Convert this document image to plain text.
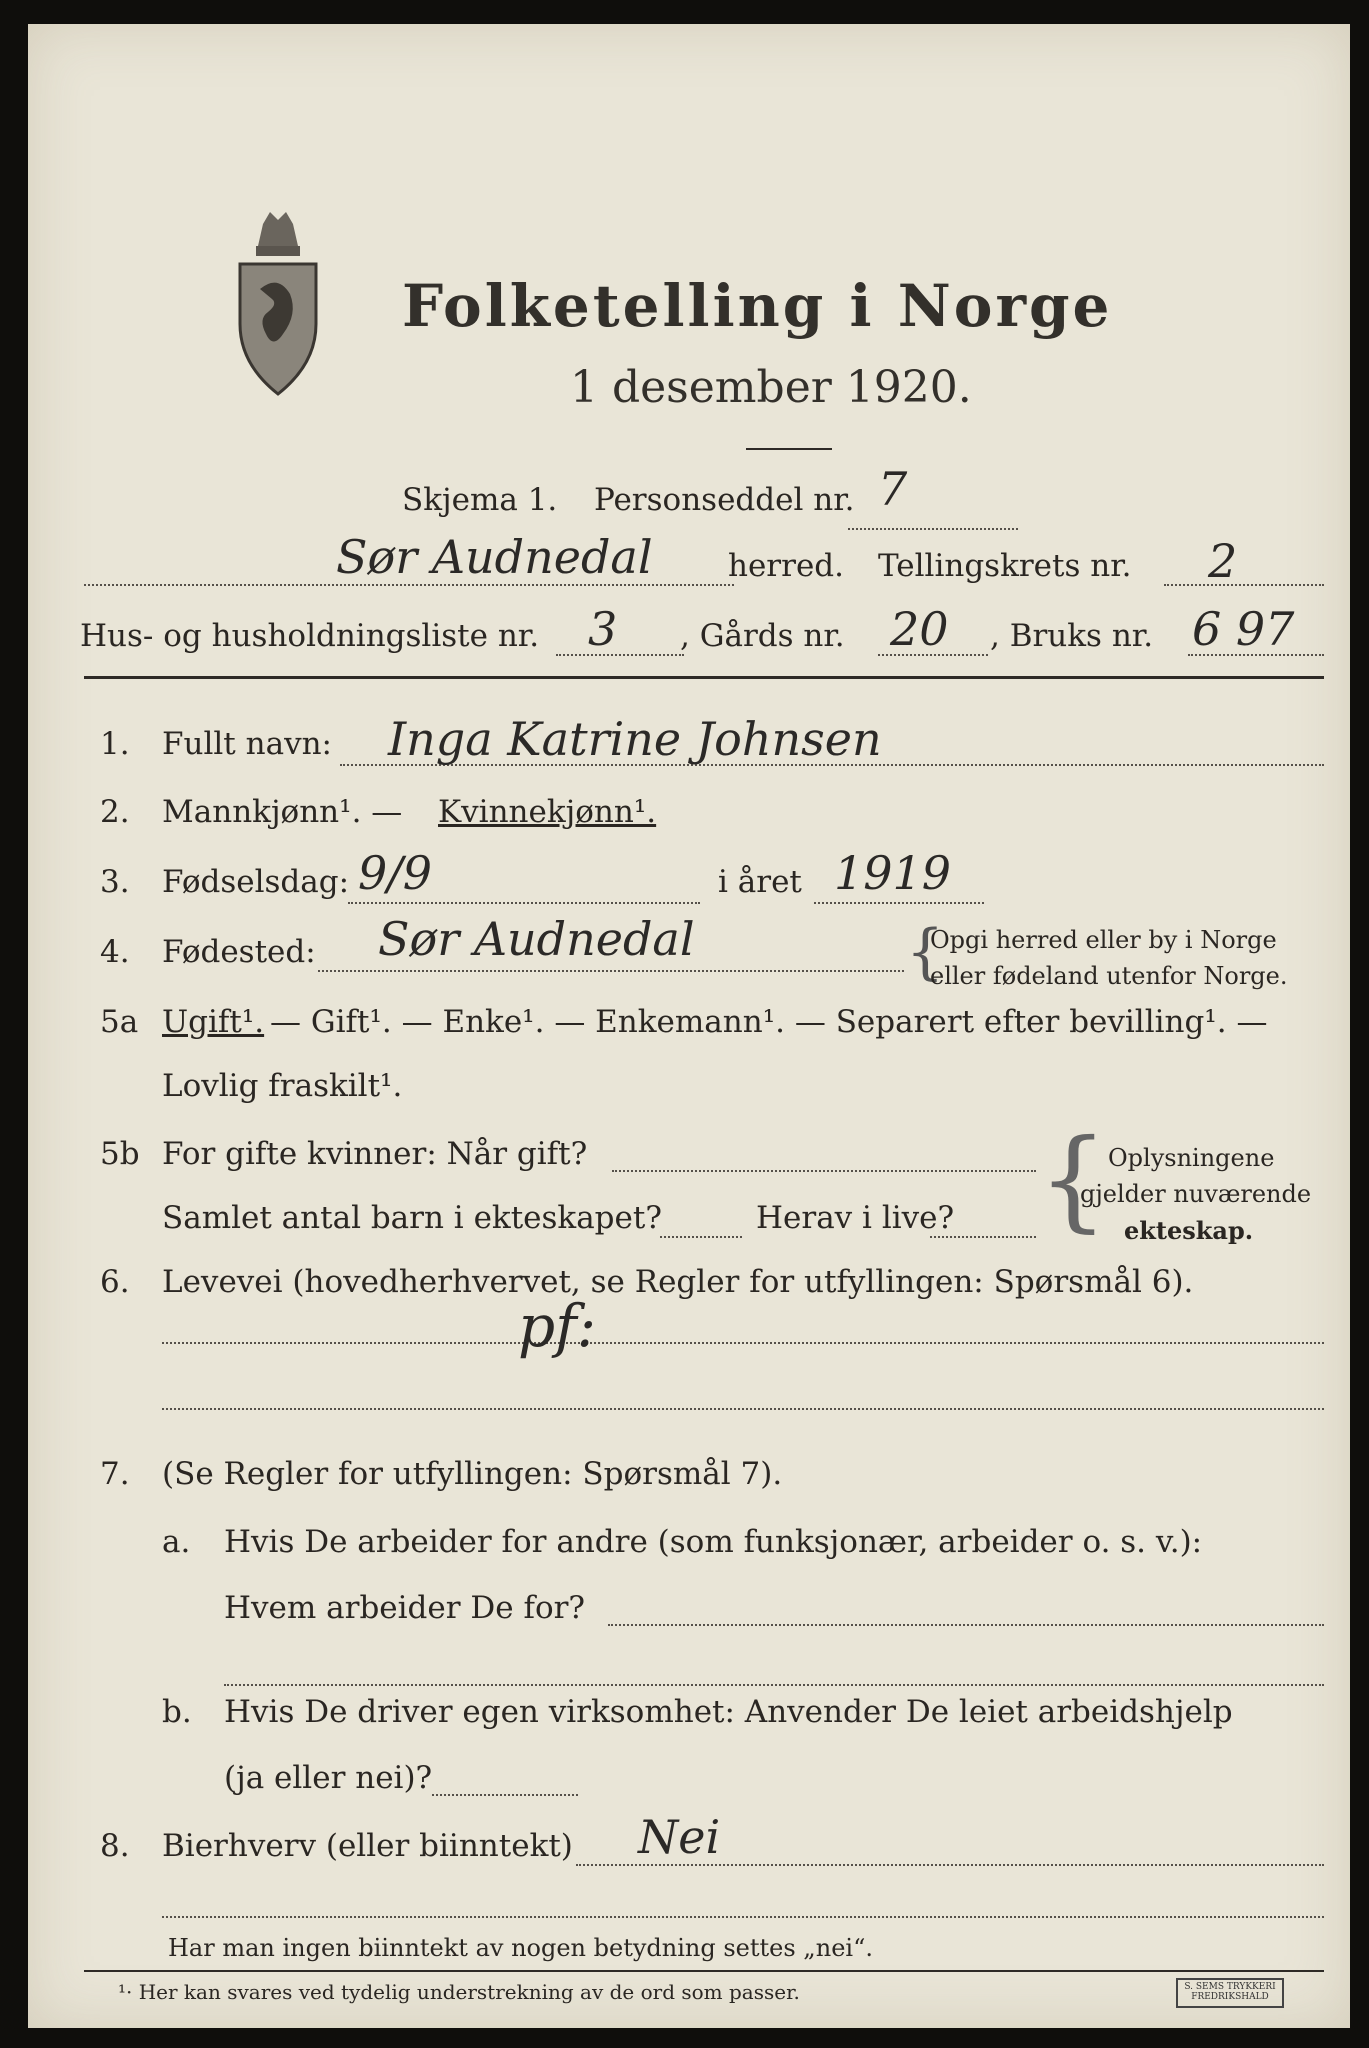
Folketelling i Norge
1 desember 1920.
Skjema 1. Personseddel nr. 7
Sør Audnedal herred. Tellingskrets nr. 2
Hus- og husholdningsliste nr. 3 , Gårds nr. 20 , Bruks nr. 6 97
1. Fullt navn: Inga Katrine Johnsen
2. Mannkjønn¹. — Kvinnekjønn¹.
3. Fødselsdag: 9/9	i året 1919
4. Fødested: Sør Audnedal	{
Opgi herred eller by i Norge
eller fødeland utenfor Norge.
5a Ugift¹. — Gift¹. — Enke¹. — Enkemann¹. — Separert efter bevilling¹. —
Lovlig fraskilt¹.
5b For gifte kvinner: Når gift?
Samlet antal barn i ekteskapet?	Herav i live? { Oplysningene
gjelder nuværende
ekteskap.
6. Levevei (hovedherhvervet, se Regler for utfyllingen: Spørsmål 6).
pf:
7. (Se Regler for utfyllingen: Spørsmål 7).
a. Hvis De arbeider for andre (som funksjonær, arbeider o. s. v.):
Hvem arbeider De for?
b. Hvis De driver egen virksomhet: Anvender De leiet arbeidshjelp
(ja eller nei)?
8. Bierhverv (eller biinntekt) Nei
Har man ingen biinntekt av nogen betydning settes „nei“.
¹· Her kan svares ved tydelig understrekning av de ord som passer.	S. SEMS TRYKKERI FREDRIKSHALD
